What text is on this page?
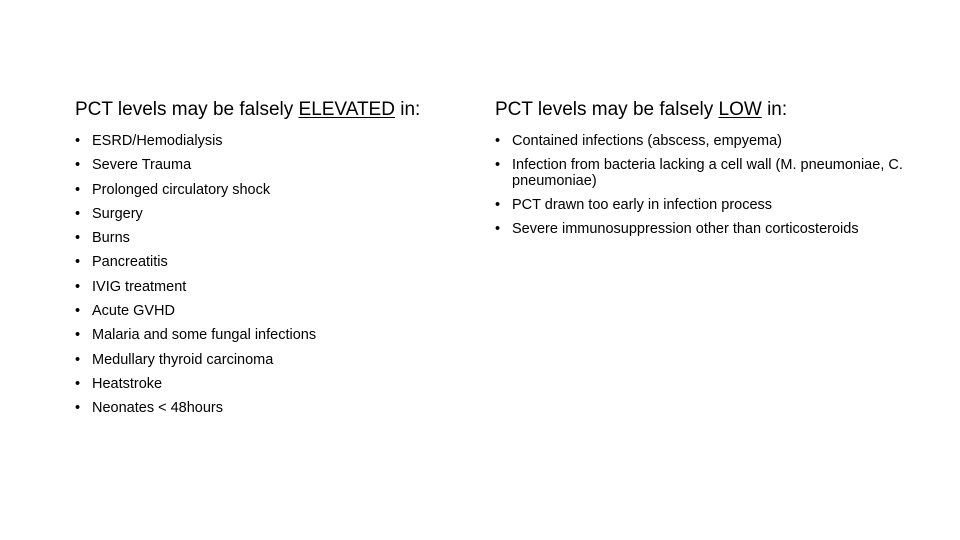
PCT levels may be falsely ELEVATED in:
• ESRD/Hemodialysis
• Severe Trauma
• Prolonged circulatory shock
• Surgery
• Burns
• Pancreatitis
• IVIG treatment
• Acute GVHD
• Malaria and some fungal infections
• Medullary thyroid carcinoma
• Heatstroke
• Neonates < 48hours
PCT levels may be falsely LOW in:
• Contained infections (abscess, empyema)
• Infection from bacteria lacking a cell wall (M. pneumoniae, C. pneumoniae)
• PCT drawn too early in infection process
• Severe immunosuppression other than corticosteroids
